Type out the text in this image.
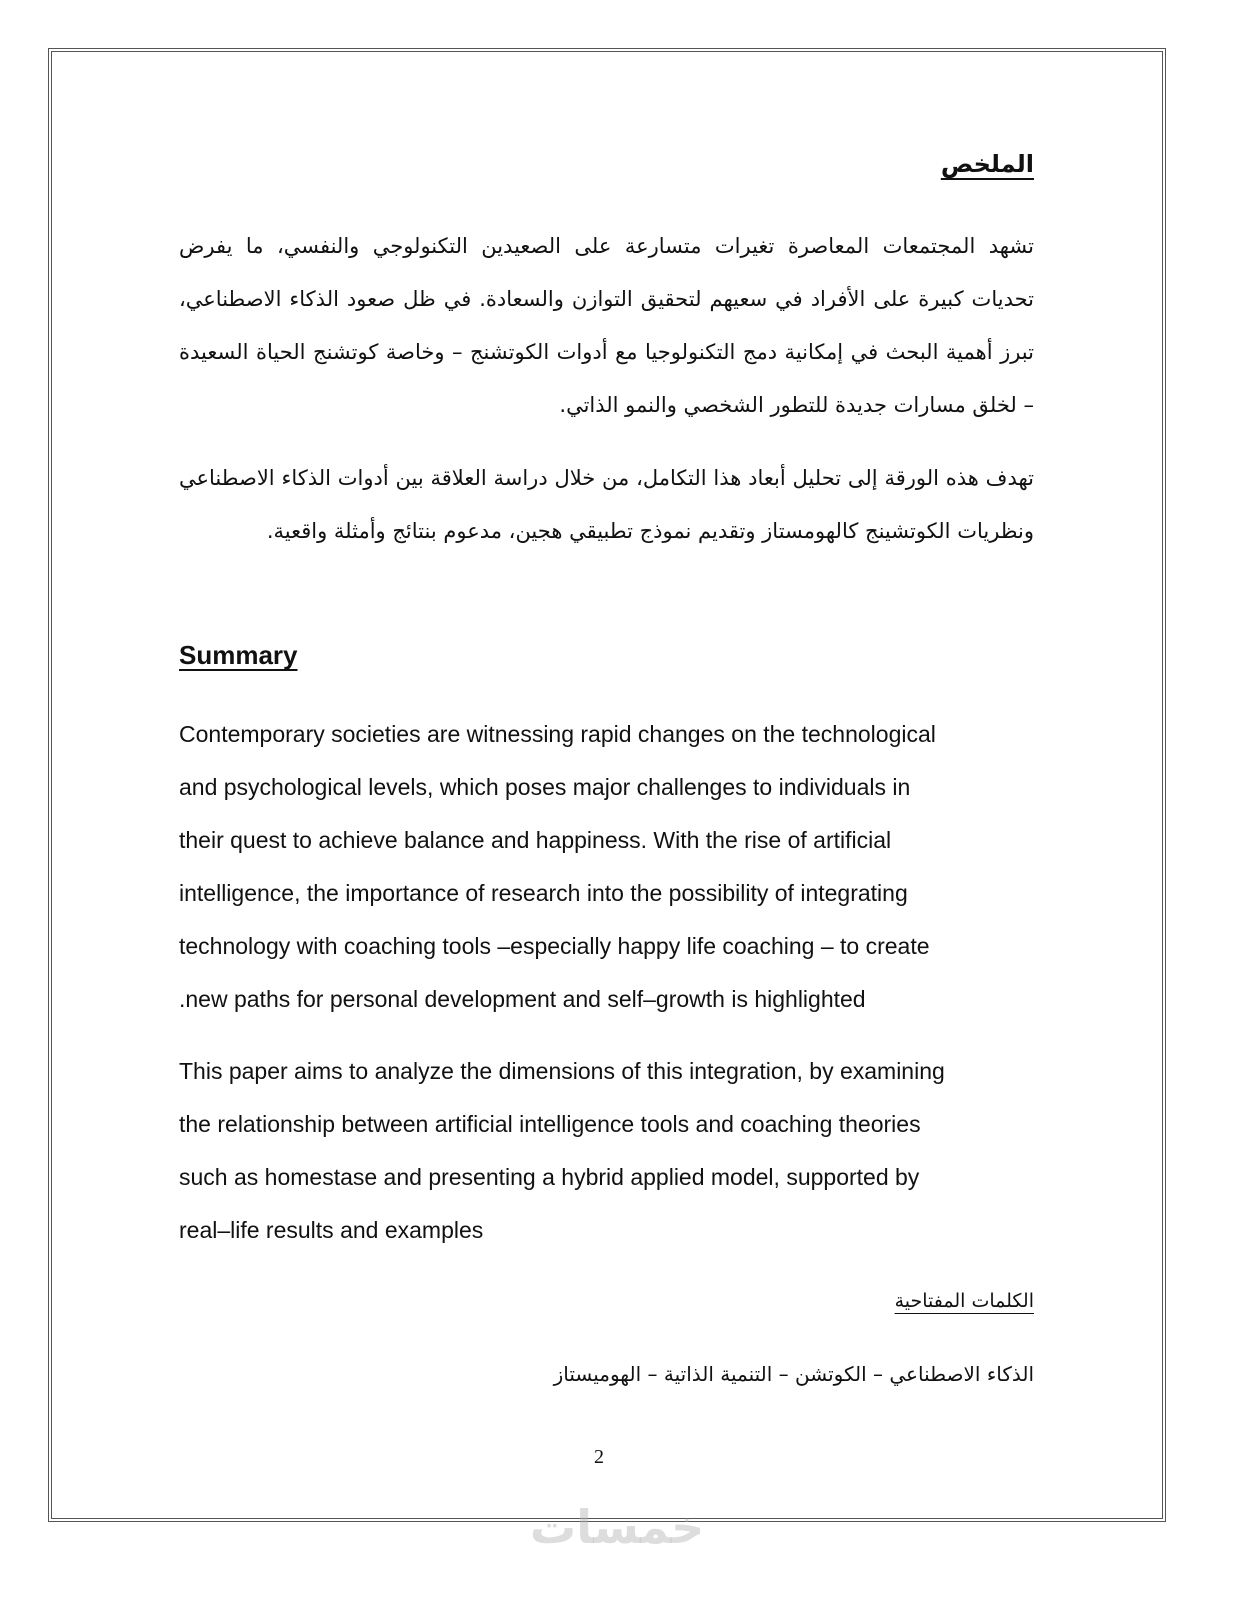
الملخص
تشهد المجتمعات المعاصرة تغيرات متسارعة على الصعيدين التكنولوجي والنفسي، ما يفرض تحديات كبيرة على الأفراد في سعيهم لتحقيق التوازن والسعادة. في ظل صعود الذكاء الاصطناعي، تبرز أهمية البحث في إمكانية دمج التكنولوجيا مع أدوات الكوتشنج – وخاصة كوتشنج الحياة السعيدة – لخلق مسارات جديدة للتطور الشخصي والنمو الذاتي.
تهدف هذه الورقة إلى تحليل أبعاد هذا التكامل، من خلال دراسة العلاقة بين أدوات الذكاء الاصطناعي ونظريات الكوتشينج كالهومستاز وتقديم نموذج تطبيقي هجين، مدعوم بنتائج وأمثلة واقعية.
Summary
Contemporary societies are witnessing rapid changes on the technological
and psychological levels, which poses major challenges to individuals in
their quest to achieve balance and happiness. With the rise of artificial
intelligence, the importance of research into the possibility of integrating
technology with coaching tools –especially happy life coaching – to create
.new paths for personal development and self–growth is highlighted
This paper aims to analyze the dimensions of this integration, by examining
the relationship between artificial intelligence tools and coaching theories
such as homestase and presenting a hybrid applied model, supported by
real–life results and examples
الكلمات المفتاحية
الذكاء الاصطناعي – الكوتشن – التنمية الذاتية – الهوميستاز
2
خمسات
